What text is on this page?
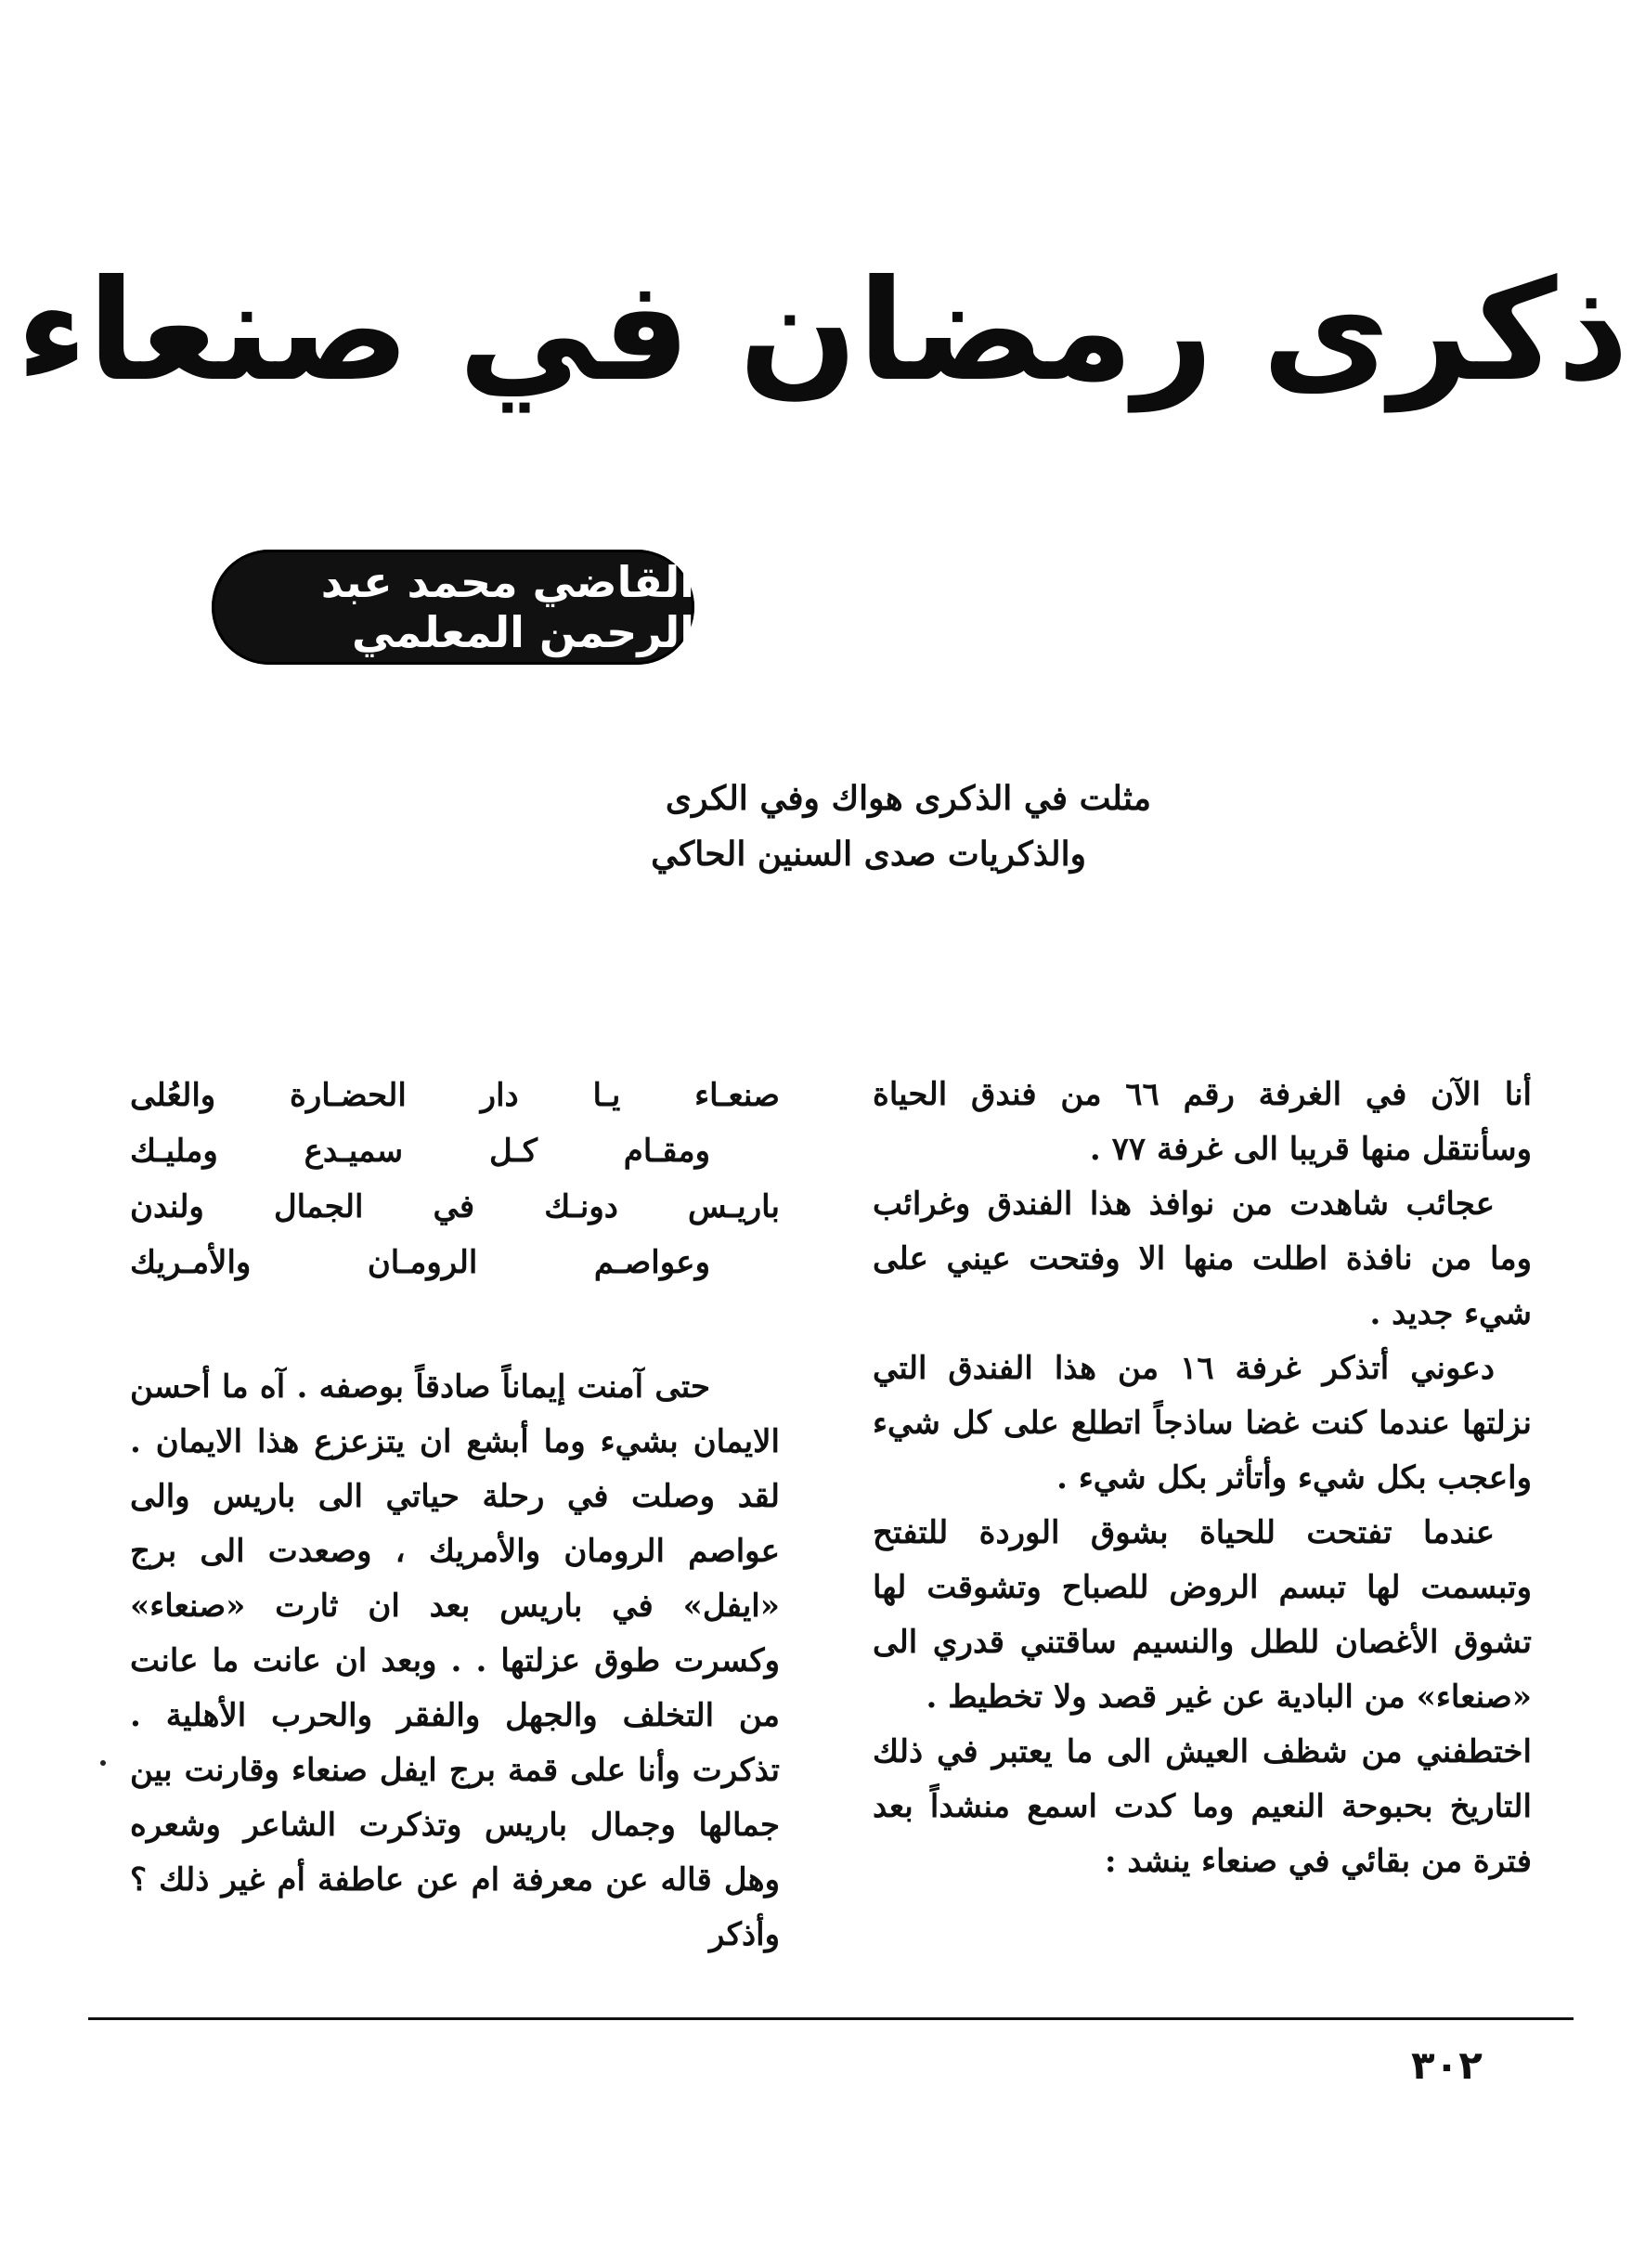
ذكرى رمضان في صنعاء
القاضي محمد عبد الرحمن المعلمي
مثلت في الذكرى هواك وفي الكرى
والذكريات صدى السنين الحاكي

أنا الآن في الغرفة رقم ٦٦ من فندق الحياة وسأنتقل منها قريبا الى غرفة ٧٧ .

عجائب شاهدت من نوافذ هذا الفندق وغرائب وما من نافذة اطلت منها الا وفتحت عيني على شيء جديد .

دعوني أتذكر غرفة ١٦ من هذا الفندق التي نزلتها عندما كنت غضا ساذجاً اتطلع على كل شيء واعجب بكل شيء وأتأثر بكل شيء .

عندما تفتحت للحياة بشوق الوردة للتفتح وتبسمت لها تبسم الروض للصباح وتشوقت لها تشوق الأغصان للطل والنسيم ساقتني قدري الى «صنعاء» من البادية عن غير قصد ولا تخطيط .

اختطفني من شظف العيش الى ما يعتبر في ذلك التاريخ بحبوحة النعيم وما كدت اسمع منشداً بعد فترة من بقائي في صنعاء ينشد :

صنعـاء يـا دار الحضـارة والعُلى
ومقـام كـل سميـدع ومليـك
باريـس دونـك في الجمال ولندن
وعواصـم الرومـان والأمـريك

حتى آمنت إيماناً صادقاً بوصفه . آه ما أحسن الايمان بشيء وما أبشع ان يتزعزع هذا الايمان . لقد وصلت في رحلة حياتي الى باريس والى عواصم الرومان والأمريك ، وصعدت الى برج «ايفل» في باريس بعد ان ثارت «صنعاء» وكسرت طوق عزلتها . . وبعد ان عانت ما عانت من التخلف والجهل والفقر والحرب الأهلية . تذكرت وأنا على قمة برج ايفل صنعاء وقارنت بين جمالها وجمال باريس وتذكرت الشاعر وشعره وهل قاله عن معرفة ام عن عاطفة أم غير ذلك ؟ وأذكر

٣٠٢
